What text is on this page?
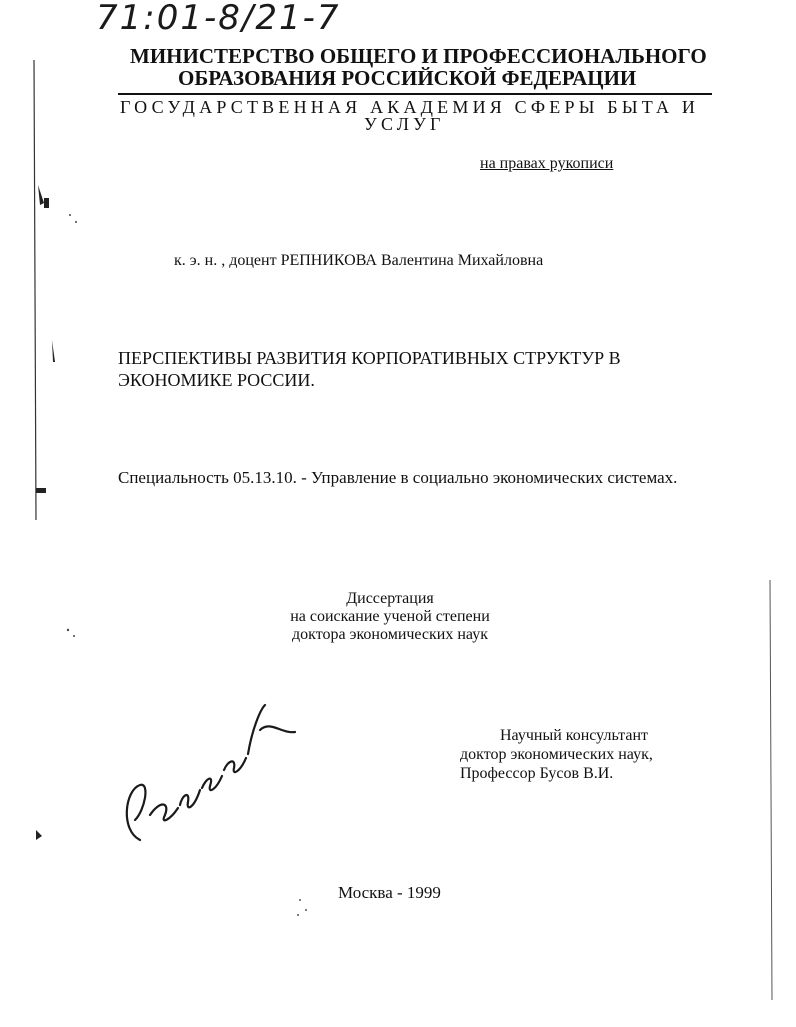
71:01-8/21-7
МИНИСТЕРСТВО ОБЩЕГО И ПРОФЕССИОНАЛЬНОГО
ОБРАЗОВАНИЯ РОССИЙСКОЙ ФЕДЕРАЦИИ
ГОСУДАРСТВЕННАЯ АКАДЕМИЯ СФЕРЫ БЫТА И
УСЛУГ
на правах рукописи
к. э. н. , доцент РЕПНИКОВА Валентина Михайловна
ПЕРСПЕКТИВЫ РАЗВИТИЯ КОРПОРАТИВНЫХ СТРУКТУР В
ЭКОНОМИКЕ РОССИИ.
Специальность 05.13.10. - Управление в социально экономических системах.
Диссертация
на соискание ученой степени
доктора экономических наук
Научный консультант
доктор экономических наук,
Профессор Бусов В.И.
Москва - 1999
